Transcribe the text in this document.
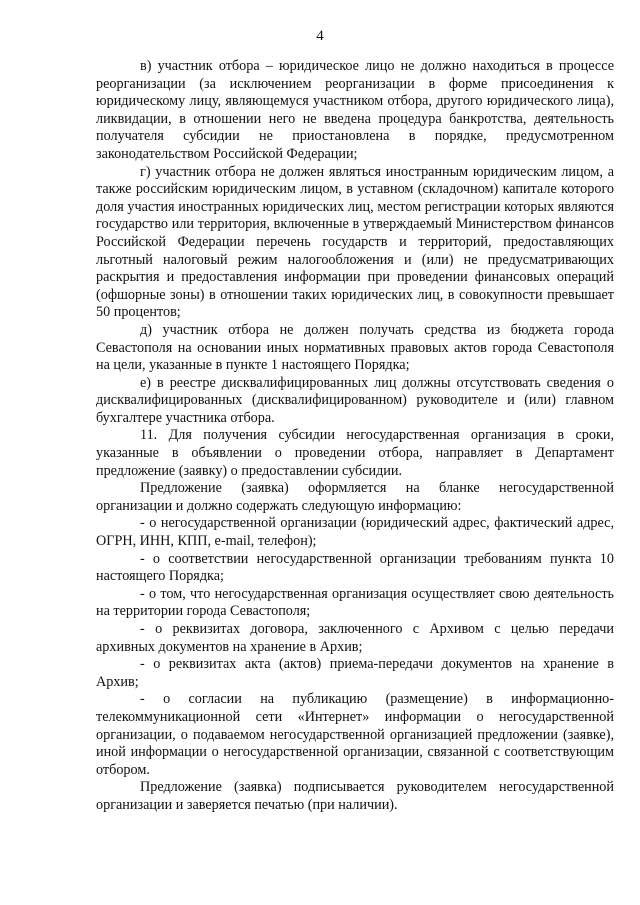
4

в) участник отбора – юридическое лицо не должно находиться в процессе реорганизации (за исключением реорганизации в форме присоединения к юридическому лицу, являющемуся участником отбора, другого юридического лица), ликвидации, в отношении него не введена процедура банкротства, деятельность получателя субсидии не приостановлена в порядке, предусмотренном законодательством Российской Федерации;

г) участник отбора не должен являться иностранным юридическим лицом, а также российским юридическим лицом, в уставном (складочном) капитале которого доля участия иностранных юридических лиц, местом регистрации которых являются государство или территория, включенные в утверждаемый Министерством финансов Российской Федерации перечень государств и территорий, предоставляющих льготный налоговый режим налогообложения и (или) не предусматривающих раскрытия и предоставления информации при проведении финансовых операций (офшорные зоны) в отношении таких юридических лиц, в совокупности превышает 50 процентов;

д) участник отбора не должен получать средства из бюджета города Севастополя на основании иных нормативных правовых актов города Севастополя на цели, указанные в пункте 1 настоящего Порядка;

е) в реестре дисквалифицированных лиц должны отсутствовать сведения о дисквалифицированных (дисквалифицированном) руководителе и (или) главном бухгалтере участника отбора.

11. Для получения субсидии негосударственная организация в сроки, указанные в объявлении о проведении отбора, направляет в Департамент предложение (заявку) о предоставлении субсидии.

Предложение (заявка) оформляется на бланке негосударственной организации и должно содержать следующую информацию:

- о негосударственной организации (юридический адрес, фактический адрес, ОГРН, ИНН, КПП, e-mail, телефон);

- о соответствии негосударственной организации требованиям пункта 10 настоящего Порядка;

- о том, что негосударственная организация осуществляет свою деятельность на территории города Севастополя;

- о реквизитах договора, заключенного с Архивом с целью передачи архивных документов на хранение в Архив;

- о реквизитах акта (актов) приема-передачи документов на хранение в Архив;

- о согласии на публикацию (размещение) в информационно-телекоммуникационной сети «Интернет» информации о негосударственной организации, о подаваемом негосударственной организацией предложении (заявке), иной информации о негосударственной организации, связанной с соответствующим отбором.

Предложение (заявка) подписывается руководителем негосударственной организации и заверяется печатью (при наличии).
